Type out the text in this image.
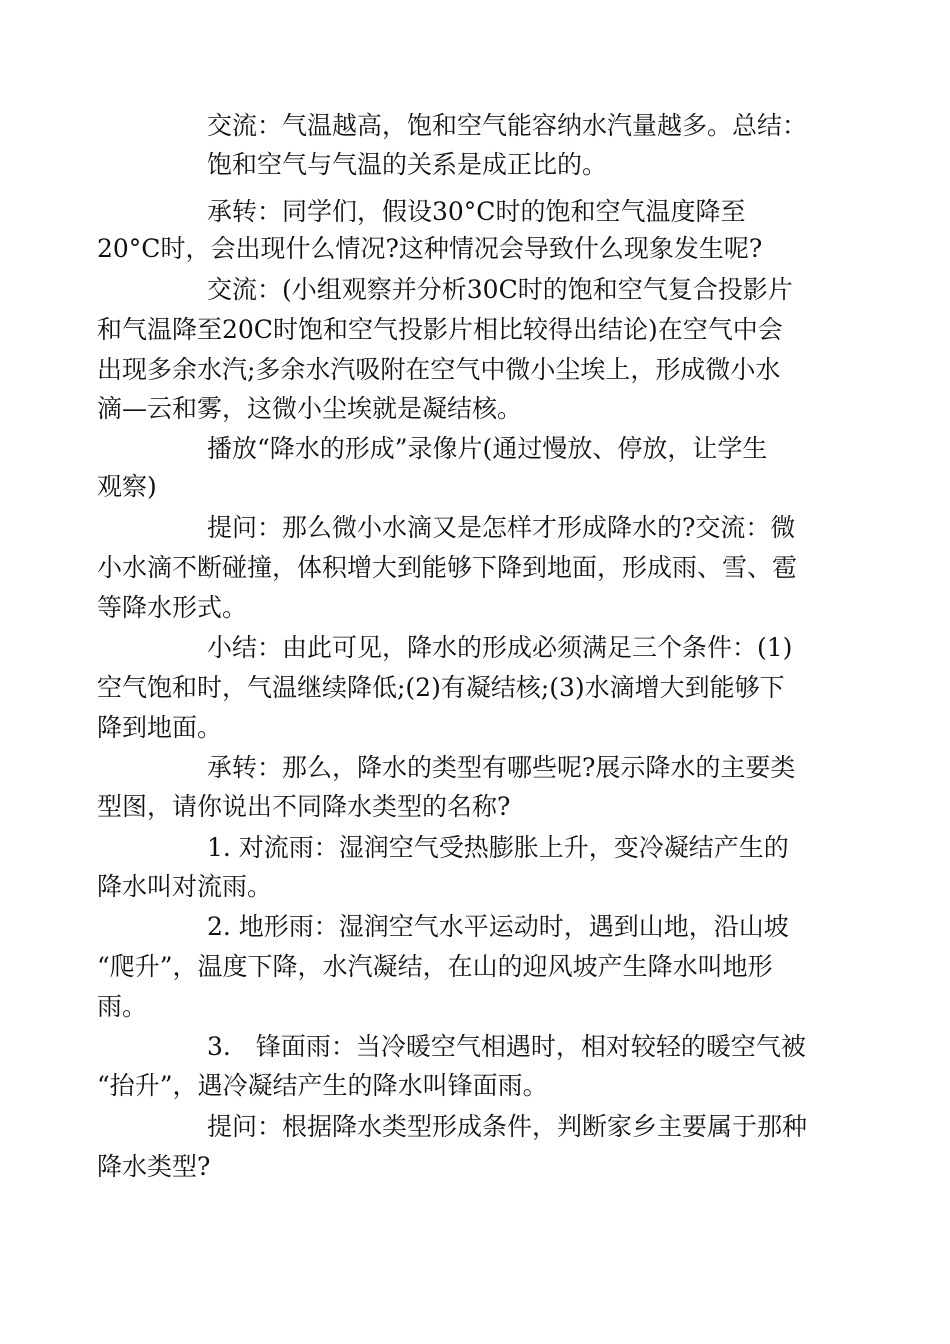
交流：气温越高，饱和空气能容纳水汽量越多。总结：
饱和空气与气温的关系是成正比的。
承转：同学们，假设30°C时的饱和空气温度降至
20°C时，会出现什么情况?这种情况会导致什么现象发生呢?
交流：(小组观察并分析30C时的饱和空气复合投影片
和气温降至20C时饱和空气投影片相比较得出结论)在空气中会
出现多余水汽;多余水汽吸附在空气中微小尘埃上，形成微小水
滴—云和雾，这微小尘埃就是凝结核。
播放“降水的形成”录像片(通过慢放、停放，让学生
观察)
提问：那么微小水滴又是怎样才形成降水的?交流：微
小水滴不断碰撞，体积增大到能够下降到地面，形成雨、雪、雹
等降水形式。
小结：由此可见，降水的形成必须满足三个条件：(1)
空气饱和时，气温继续降低;(2)有凝结核;(3)水滴增大到能够下
降到地面。
承转：那么，降水的类型有哪些呢?展示降水的主要类
型图，请你说出不同降水类型的名称?
1. 对流雨：湿润空气受热膨胀上升，变冷凝结产生的
降水叫对流雨。
2. 地形雨：湿润空气水平运动时，遇到山地，沿山坡
“爬升”，温度下降，水汽凝结，在山的迎风坡产生降水叫地形
雨。
3.　锋面雨：当冷暖空气相遇时，相对较轻的暖空气被
“抬升”，遇冷凝结产生的降水叫锋面雨。
提问：根据降水类型形成条件，判断家乡主要属于那种
降水类型?
